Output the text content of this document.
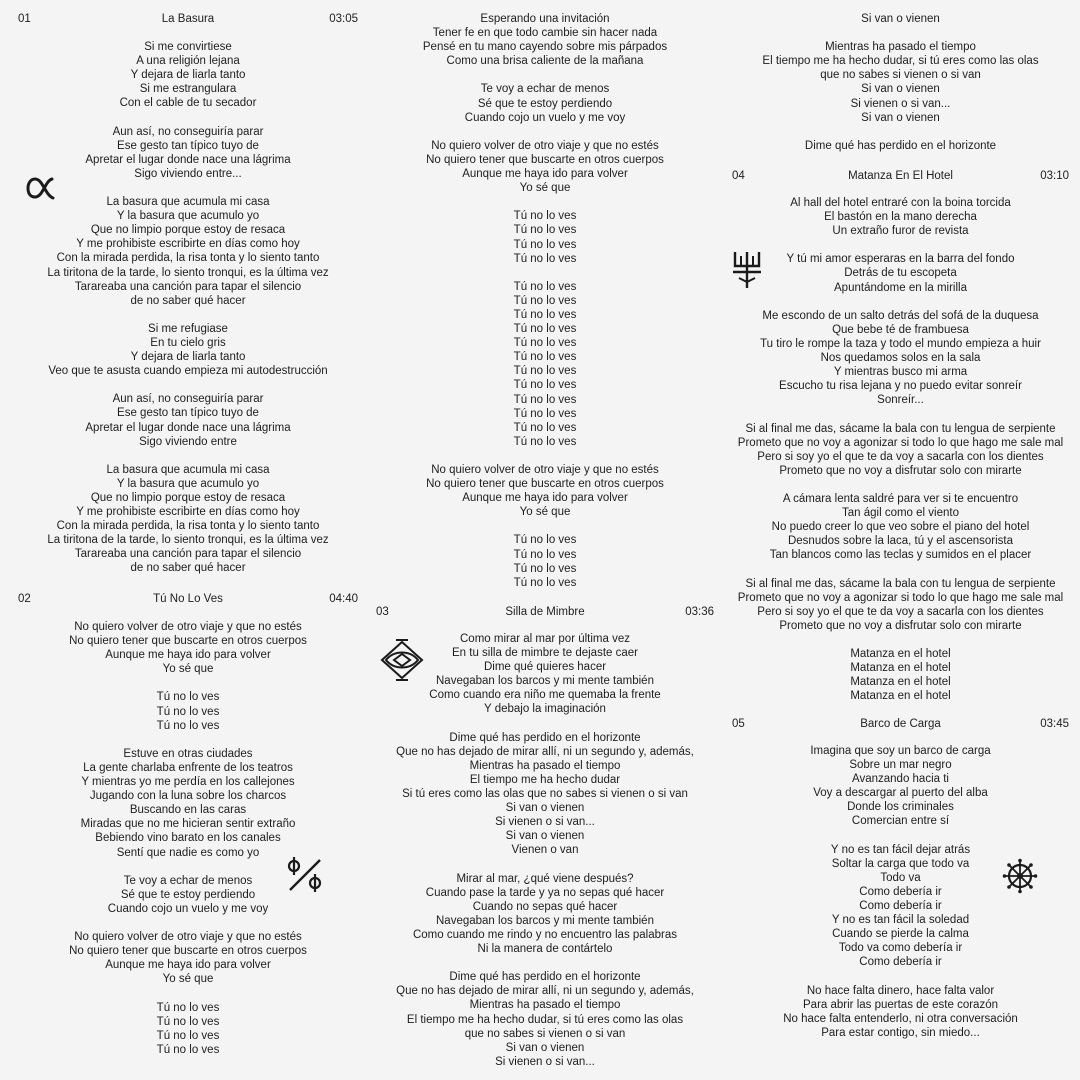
01	La Basura	03:05
02	Tú No Lo Ves	04:40
03	Silla de Mimbre	03:36
04	Matanza En El Hotel	03:10
05	Barco de Carga	03:45
Si me convirtiese
A una religión lejana
Y dejara de liarla tanto
Si me estrangulara
Con el cable de tu secador
Aun así, no conseguiría parar
Ese gesto tan típico tuyo de
Apretar el lugar donde nace una lágrima
Sigo viviendo entre...
La basura que acumula mi casa
Y la basura que acumulo yo
Que no limpio porque estoy de resaca
Y me prohibiste escribirte en días como hoy
Con la mirada perdida, la risa tonta y lo siento tanto
La tiritona de la tarde, lo siento tronqui, es la última vez
Tarareaba una canción para tapar el silencio
de no saber qué hacer
Si me refugiase
En tu cielo gris
Y dejara de liarla tanto
Veo que te asusta cuando empieza mi autodestrucción
Aun así, no conseguiría parar
Ese gesto tan típico tuyo de
Apretar el lugar donde nace una lágrima
Sigo viviendo entre
La basura que acumula mi casa
Y la basura que acumulo yo
Que no limpio porque estoy de resaca
Y me prohibiste escribirte en días como hoy
Con la mirada perdida, la risa tonta y lo siento tanto
La tiritona de la tarde, lo siento tronqui, es la última vez
Tarareaba una canción para tapar el silencio
de no saber qué hacer
No quiero volver de otro viaje y que no estés
No quiero tener que buscarte en otros cuerpos
Aunque me haya ido para volver
Yo sé que
Tú no lo ves
Tú no lo ves
Tú no lo ves
Estuve en otras ciudades
La gente charlaba enfrente de los teatros
Y mientras yo me perdía en los callejones
Jugando con la luna sobre los charcos
Buscando en las caras
Miradas que no me hicieran sentir extraño
Bebiendo vino barato en los canales
Sentí que nadie es como yo
Te voy a echar de menos
Sé que te estoy perdiendo
Cuando cojo un vuelo y me voy
No quiero volver de otro viaje y que no estés
No quiero tener que buscarte en otros cuerpos
Aunque me haya ido para volver
Yo sé que
Tú no lo ves
Tú no lo ves
Tú no lo ves
Tú no lo ves
Esperando una invitación
Tener fe en que todo cambie sin hacer nada
Pensé en tu mano cayendo sobre mis párpados
Como una brisa caliente de la mañana
Te voy a echar de menos
Sé que te estoy perdiendo
Cuando cojo un vuelo y me voy
No quiero volver de otro viaje y que no estés
No quiero tener que buscarte en otros cuerpos
Aunque me haya ido para volver
Yo sé que
Tú no lo ves
Tú no lo ves
Tú no lo ves
Tú no lo ves
Tú no lo ves
Tú no lo ves
Tú no lo ves
Tú no lo ves
Tú no lo ves
Tú no lo ves
Tú no lo ves
Tú no lo ves
Tú no lo ves
Tú no lo ves
Tú no lo ves
Tú no lo ves
No quiero volver de otro viaje y que no estés
No quiero tener que buscarte en otros cuerpos
Aunque me haya ido para volver
Yo sé que
Tú no lo ves
Tú no lo ves
Tú no lo ves
Tú no lo ves
Como mirar al mar por última vez
En tu silla de mimbre te dejaste caer
Dime qué quieres hacer
Navegaban los barcos y mi mente también
Como cuando era niño me quemaba la frente
Y debajo la imaginación
Dime qué has perdido en el horizonte
Que no has dejado de mirar allí, ni un segundo y, además,
Mientras ha pasado el tiempo
El tiempo me ha hecho dudar
Si tú eres como las olas que no sabes si vienen o si van
Si van o vienen
Si vienen o si van...
Si van o vienen
Vienen o van
Mirar al mar, ¿qué viene después?
Cuando pase la tarde y ya no sepas qué hacer
Cuando no sepas qué hacer
Navegaban los barcos y mi mente también
Como cuando me rindo y no encuentro las palabras
Ni la manera de contártelo
Dime qué has perdido en el horizonte
Que no has dejado de mirar allí, ni un segundo y, además,
Mientras ha pasado el tiempo
El tiempo me ha hecho dudar, si tú eres como las olas
que no sabes si vienen o si van
Si van o vienen
Si vienen o si van...
Si van o vienen
Mientras ha pasado el tiempo
El tiempo me ha hecho dudar, si tú eres como las olas
que no sabes si vienen o si van
Si van o vienen
Si vienen o si van...
Si van o vienen
Dime qué has perdido en el horizonte
Al hall del hotel entraré con la boina torcida
El bastón en la mano derecha
Un extraño furor de revista
Y tú mi amor esperaras en la barra del fondo
Detrás de tu escopeta
Apuntándome en la mirilla
Me escondo de un salto detrás del sofá de la duquesa
Que bebe té de frambuesa
Tu tiro le rompe la taza y todo el mundo empieza a huir
Nos quedamos solos en la sala
Y mientras busco mi arma
Escucho tu risa lejana y no puedo evitar sonreír
Sonreír...
Si al final me das, sácame la bala con tu lengua de serpiente
Prometo que no voy a agonizar si todo lo que hago me sale mal
Pero si soy yo el que te da voy a sacarla con los dientes
Prometo que no voy a disfrutar solo con mirarte
A cámara lenta saldré para ver si te encuentro
Tan ágil como el viento
No puedo creer lo que veo sobre el piano del hotel
Desnudos sobre la laca, tú y el ascensorista
Tan blancos como las teclas y sumidos en el placer
Si al final me das, sácame la bala con tu lengua de serpiente
Prometo que no voy a agonizar si todo lo que hago me sale mal
Pero si soy yo el que te da voy a sacarla con los dientes
Prometo que no voy a disfrutar solo con mirarte
Matanza en el hotel
Matanza en el hotel
Matanza en el hotel
Matanza en el hotel
Imagina que soy un barco de carga
Sobre un mar negro
Avanzando hacia ti
Voy a descargar al puerto del alba
Donde los criminales
Comercian entre sí
Y no es tan fácil dejar atrás
Soltar la carga que todo va
Todo va
Como debería ir
Como debería ir
Y no es tan fácil la soledad
Cuando se pierde la calma
Todo va como debería ir
Como debería ir
No hace falta dinero, hace falta valor
Para abrir las puertas de este corazón
No hace falta entenderlo, ni otra conversación
Para estar contigo, sin miedo...
